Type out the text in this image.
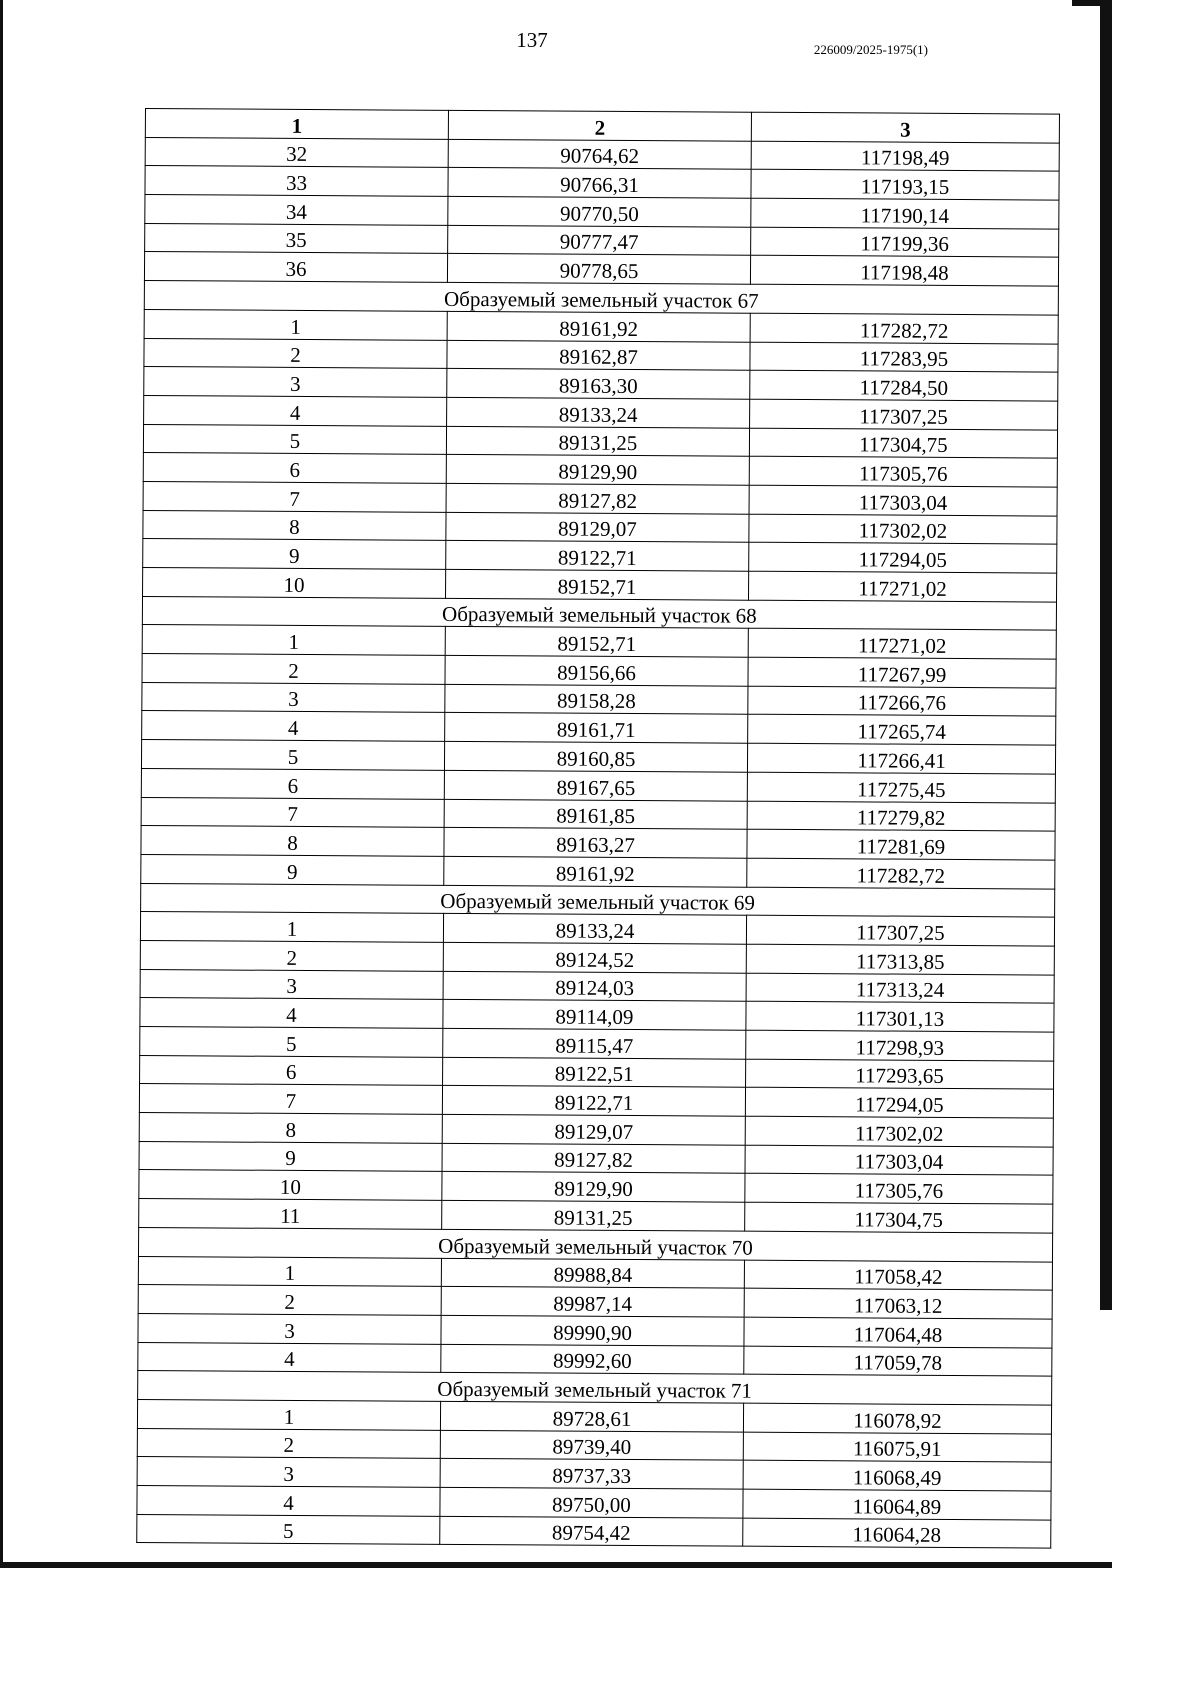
137	226009/2025-1975(1)
1	2	3
32	90764,62	117198,49
33	90766,31	117193,15
34	90770,50	117190,14
35	90777,47	117199,36
36	90778,65	117198,48
Образуемый земельный участок 67		
1	89161,92	117282,72
2	89162,87	117283,95
3	89163,30	117284,50
4	89133,24	117307,25
5	89131,25	117304,75
6	89129,90	117305,76
7	89127,82	117303,04
8	89129,07	117302,02
9	89122,71	117294,05
10	89152,71	117271,02
Образуемый земельный участок 68		
1	89152,71	117271,02
2	89156,66	117267,99
3	89158,28	117266,76
4	89161,71	117265,74
5	89160,85	117266,41
6	89167,65	117275,45
7	89161,85	117279,82
8	89163,27	117281,69
9	89161,92	117282,72
Образуемый земельный участок 69		
1	89133,24	117307,25
2	89124,52	117313,85
3	89124,03	117313,24
4	89114,09	117301,13
5	89115,47	117298,93
6	89122,51	117293,65
7	89122,71	117294,05
8	89129,07	117302,02
9	89127,82	117303,04
10	89129,90	117305,76
11	89131,25	117304,75
Образуемый земельный участок 70		
1	89988,84	117058,42
2	89987,14	117063,12
3	89990,90	117064,48
4	89992,60	117059,78
Образуемый земельный участок 71		
1	89728,61	116078,92
2	89739,40	116075,91
3	89737,33	116068,49
4	89750,00	116064,89
5	89754,42	116064,28
